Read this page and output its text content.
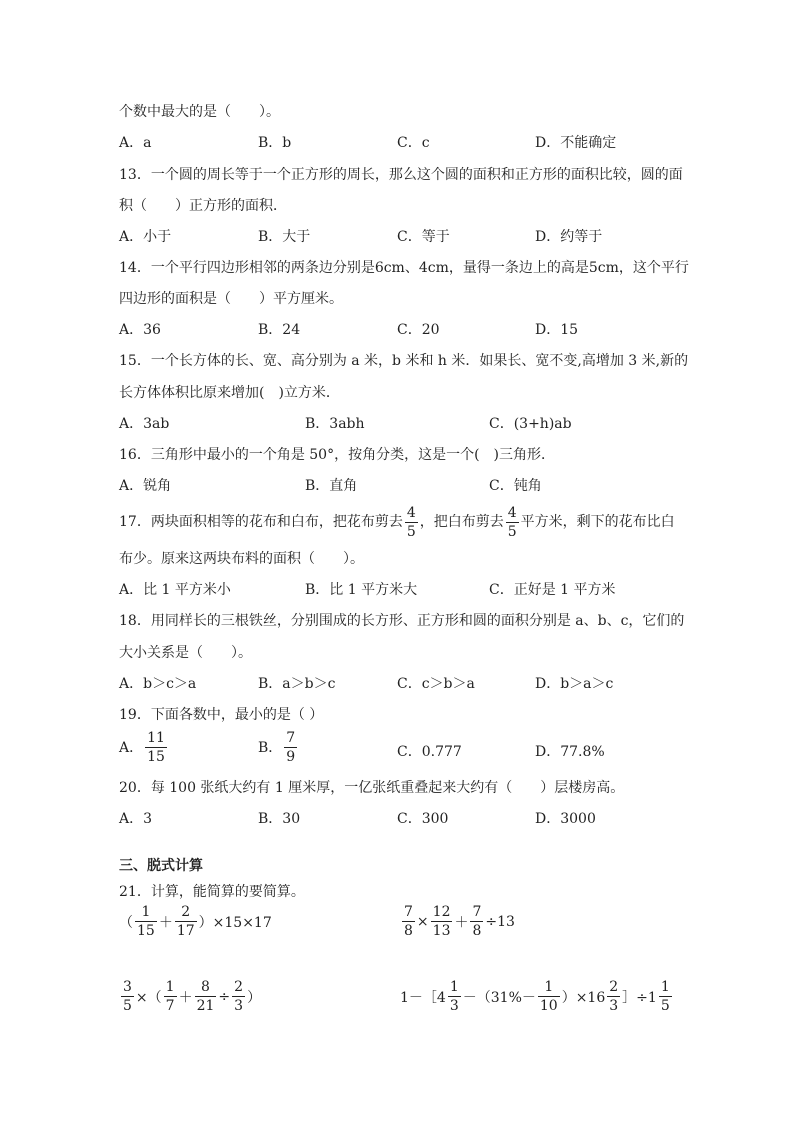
个数中最大的是（　　）。
A．a	B．b	C．c	D．不能确定
13．一个圆的周长等于一个正方形的周长，那么这个圆的面积和正方形的面积比较，圆的面
积（　　）正方形的面积．
A．小于	B．大于	C．等于	D．约等于
14．一个平行四边形相邻的两条边分别是6cm、4cm，量得一条边上的高是5cm，这个平行
四边形的面积是（　　）平方厘米。
A．36	B．24	C．20	D．15
15．一个长方体的长、宽、高分别为 a 米，b 米和 h 米．如果长、宽不变,高增加 3 米,新的
长方体体积比原来增加(　)立方米．
A．3ab	B．3abh	C．(3+h)ab
16．三角形中最小的一个角是 50°，按角分类，这是一个(　)三角形．
A．锐角	B．直角	C．钝角
17．两块面积相等的花布和白布，把花布剪去 $\frac{4}{5}$ ，把白布剪去 $\frac{4}{5}$ 平方米，剩下的花布比白
布少。原来这两块布料的面积（　　）。
A．比 1 平方米小	B．比 1 平方米大	C．正好是 1 平方米
18．用同样长的三根铁丝，分别围成的长方形、正方形和圆的面积分别是 a、b、c，它们的
大小关系是（　　）。
A．b＞c＞a	B．a＞b＞c	C．c＞b＞a	D．b＞a＞c
19．下面各数中，最小的是（ ）
A． $\frac{11}{15}$	B． $\frac{7}{9}$	C．0.777	D．77.8%
20．每 100 张纸大约有 1 厘米厚，一亿张纸重叠起来大约有（　　）层楼房高。
A．3	B．30	C．300	D．3000
三、脱式计算
21．计算，能简算的要简算。
（ $\frac{1}{15} + \frac{2}{17} )\times 15\times 17$	$\frac{7}{8} \times \frac{12}{13} + \frac{7}{8} \div 13$
$\frac{3}{5}$ ×（ $\frac{1}{7} + \frac{8}{21} \div \frac{2}{3}$ ）	1－［4 $\frac{1}{3} -(31\%- \frac{1}{10} )\times 16 \frac{2}{3}$ ］÷1 $\frac{1}{5}$
